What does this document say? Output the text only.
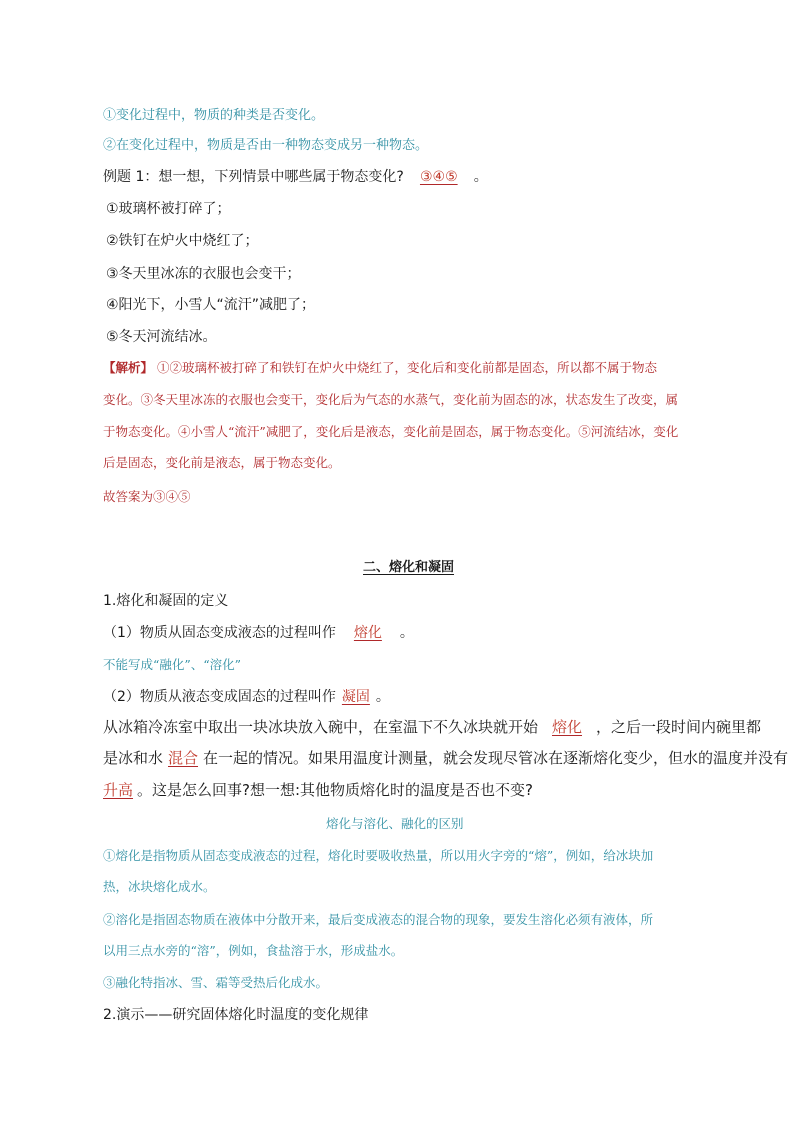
①变化过程中，物质的种类是否变化。
②在变化过程中，物质是否由一种物态变成另一种物态。
例题 1：想一想，下列情景中哪些属于物态变化? ③④⑤ 。
①玻璃杯被打碎了；
②铁钉在炉火中烧红了；
③冬天里冰冻的衣服也会变干；
④阳光下，小雪人“流汗”减肥了；
⑤冬天河流结冰。
【解析】 ①②玻璃杯被打碎了和铁钉在炉火中烧红了，变化后和变化前都是固态，所以都不属于物态
变化。③冬天里冰冻的衣服也会变干，变化后为气态的水蒸气，变化前为固态的冰，状态发生了改变，属
于物态变化。④小雪人“流汗”减肥了，变化后是液态，变化前是固态，属于物态变化。⑤河流结冰，变化
后是固态，变化前是液态，属于物态变化。
故答案为③④⑤
二、熔化和凝固
1.熔化和凝固的定义
（1）物质从固态变成液态的过程叫作 熔化 。
不能写成“融化”、“溶化”
（2）物质从液态变成固态的过程叫作 凝固 。
从冰箱冷冻室中取出一块冰块放入碗中，在室温下不久冰块就开始 熔化 ，之后一段时间内碗里都
是冰和水 混合 在一起的情况。如果用温度计测量，就会发现尽管冰在逐渐熔化变少，但水的温度并没有
升高 。这是怎么回事?想一想:其他物质熔化时的温度是否也不变?
熔化与溶化、融化的区别
①熔化是指物质从固态变成液态的过程，熔化时要吸收热量，所以用火字旁的“熔”，例如，给冰块加
热，冰块熔化成水。
②溶化是指固态物质在液体中分散开来，最后变成液态的混合物的现象，要发生溶化必须有液体，所
以用三点水旁的“溶”，例如，食盐溶于水，形成盐水。
③融化特指冰、雪、霜等受热后化成水。
2.演示——研究固体熔化时温度的变化规律
